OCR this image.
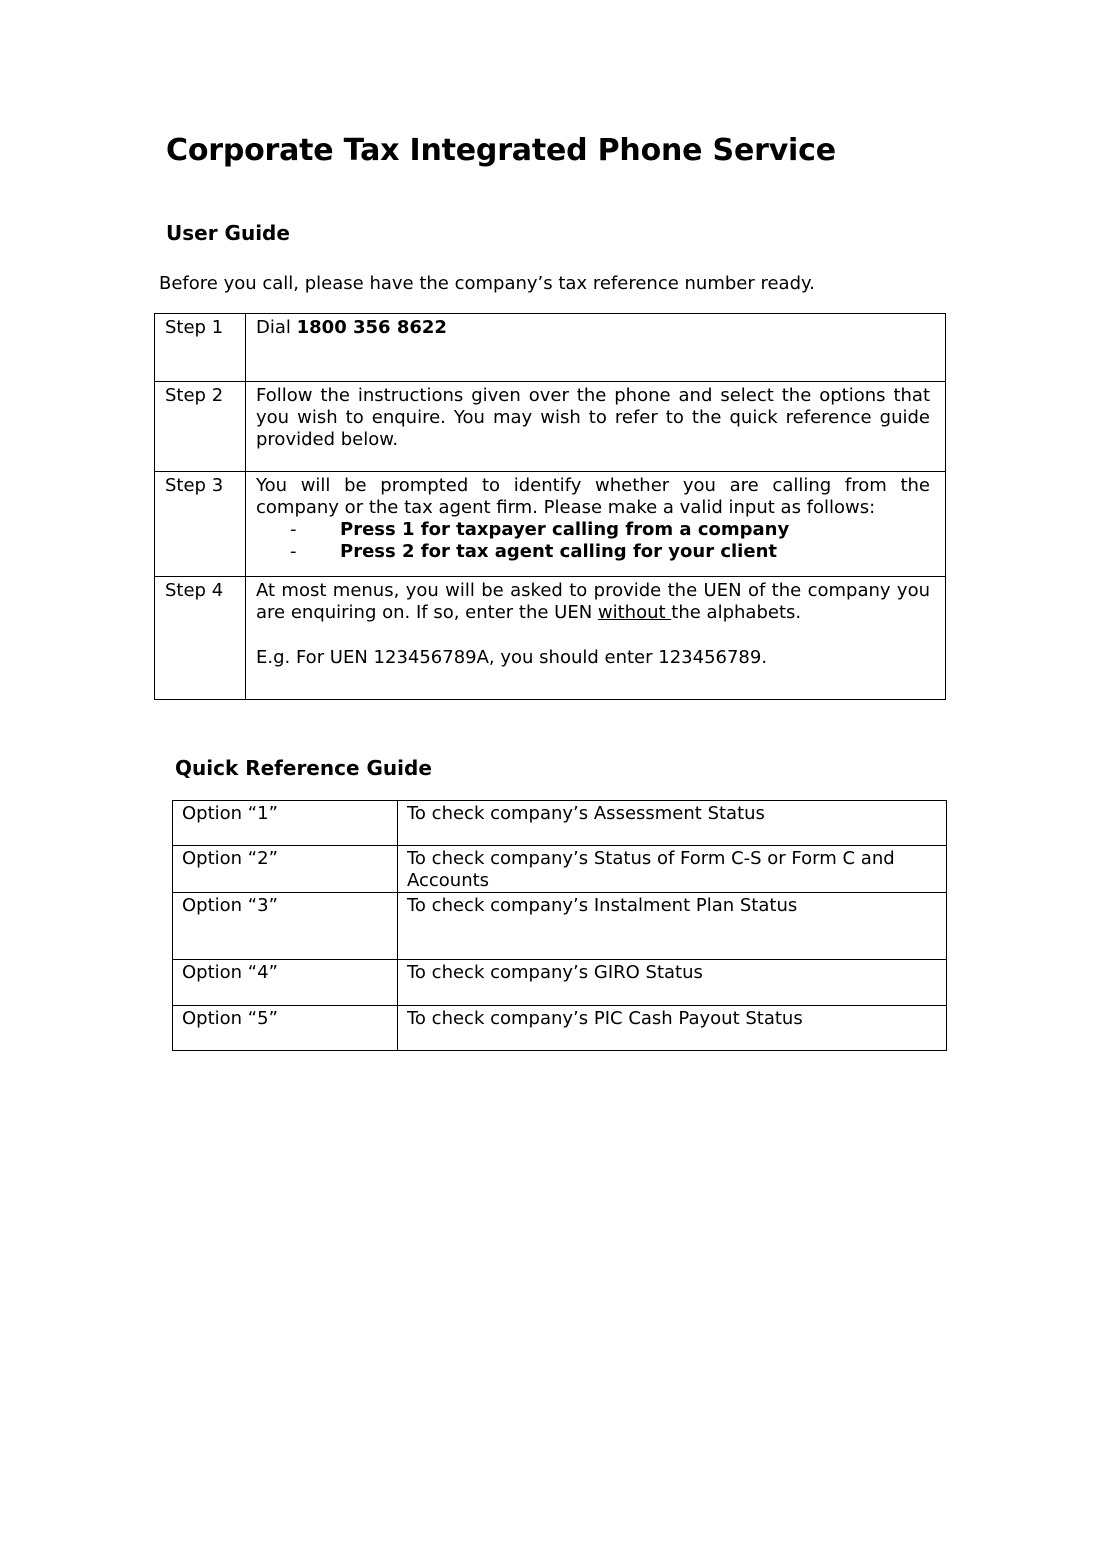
Corporate Tax Integrated Phone Service
User Guide
Before you call, please have the company’s tax reference number ready.
Step 1	Dial 1800 356 8622
Step 2	Follow the instructions given over the phone and select the options that you wish to enquire. You may wish to refer to the quick reference guide provided below.
Step 3	You will be prompted to identify whether you are calling from the company or the tax agent firm. Please make a valid input as follows:
- Press 1 for taxpayer calling from a company
- Press 2 for tax agent calling for your client

Step 4	At most menus, you will be asked to provide the UEN of the company you are enquiring on. If so, enter the UEN without the alphabets.
E.g. For UEN 123456789A, you should enter 123456789.
Quick Reference Guide
Option “1”	To check company’s Assessment Status
Option “2”	To check company’s Status of Form C-S or Form C and Accounts
Option “3”	To check company’s Instalment Plan Status
Option “4”	To check company’s GIRO Status
Option “5”	To check company’s PIC Cash Payout Status
